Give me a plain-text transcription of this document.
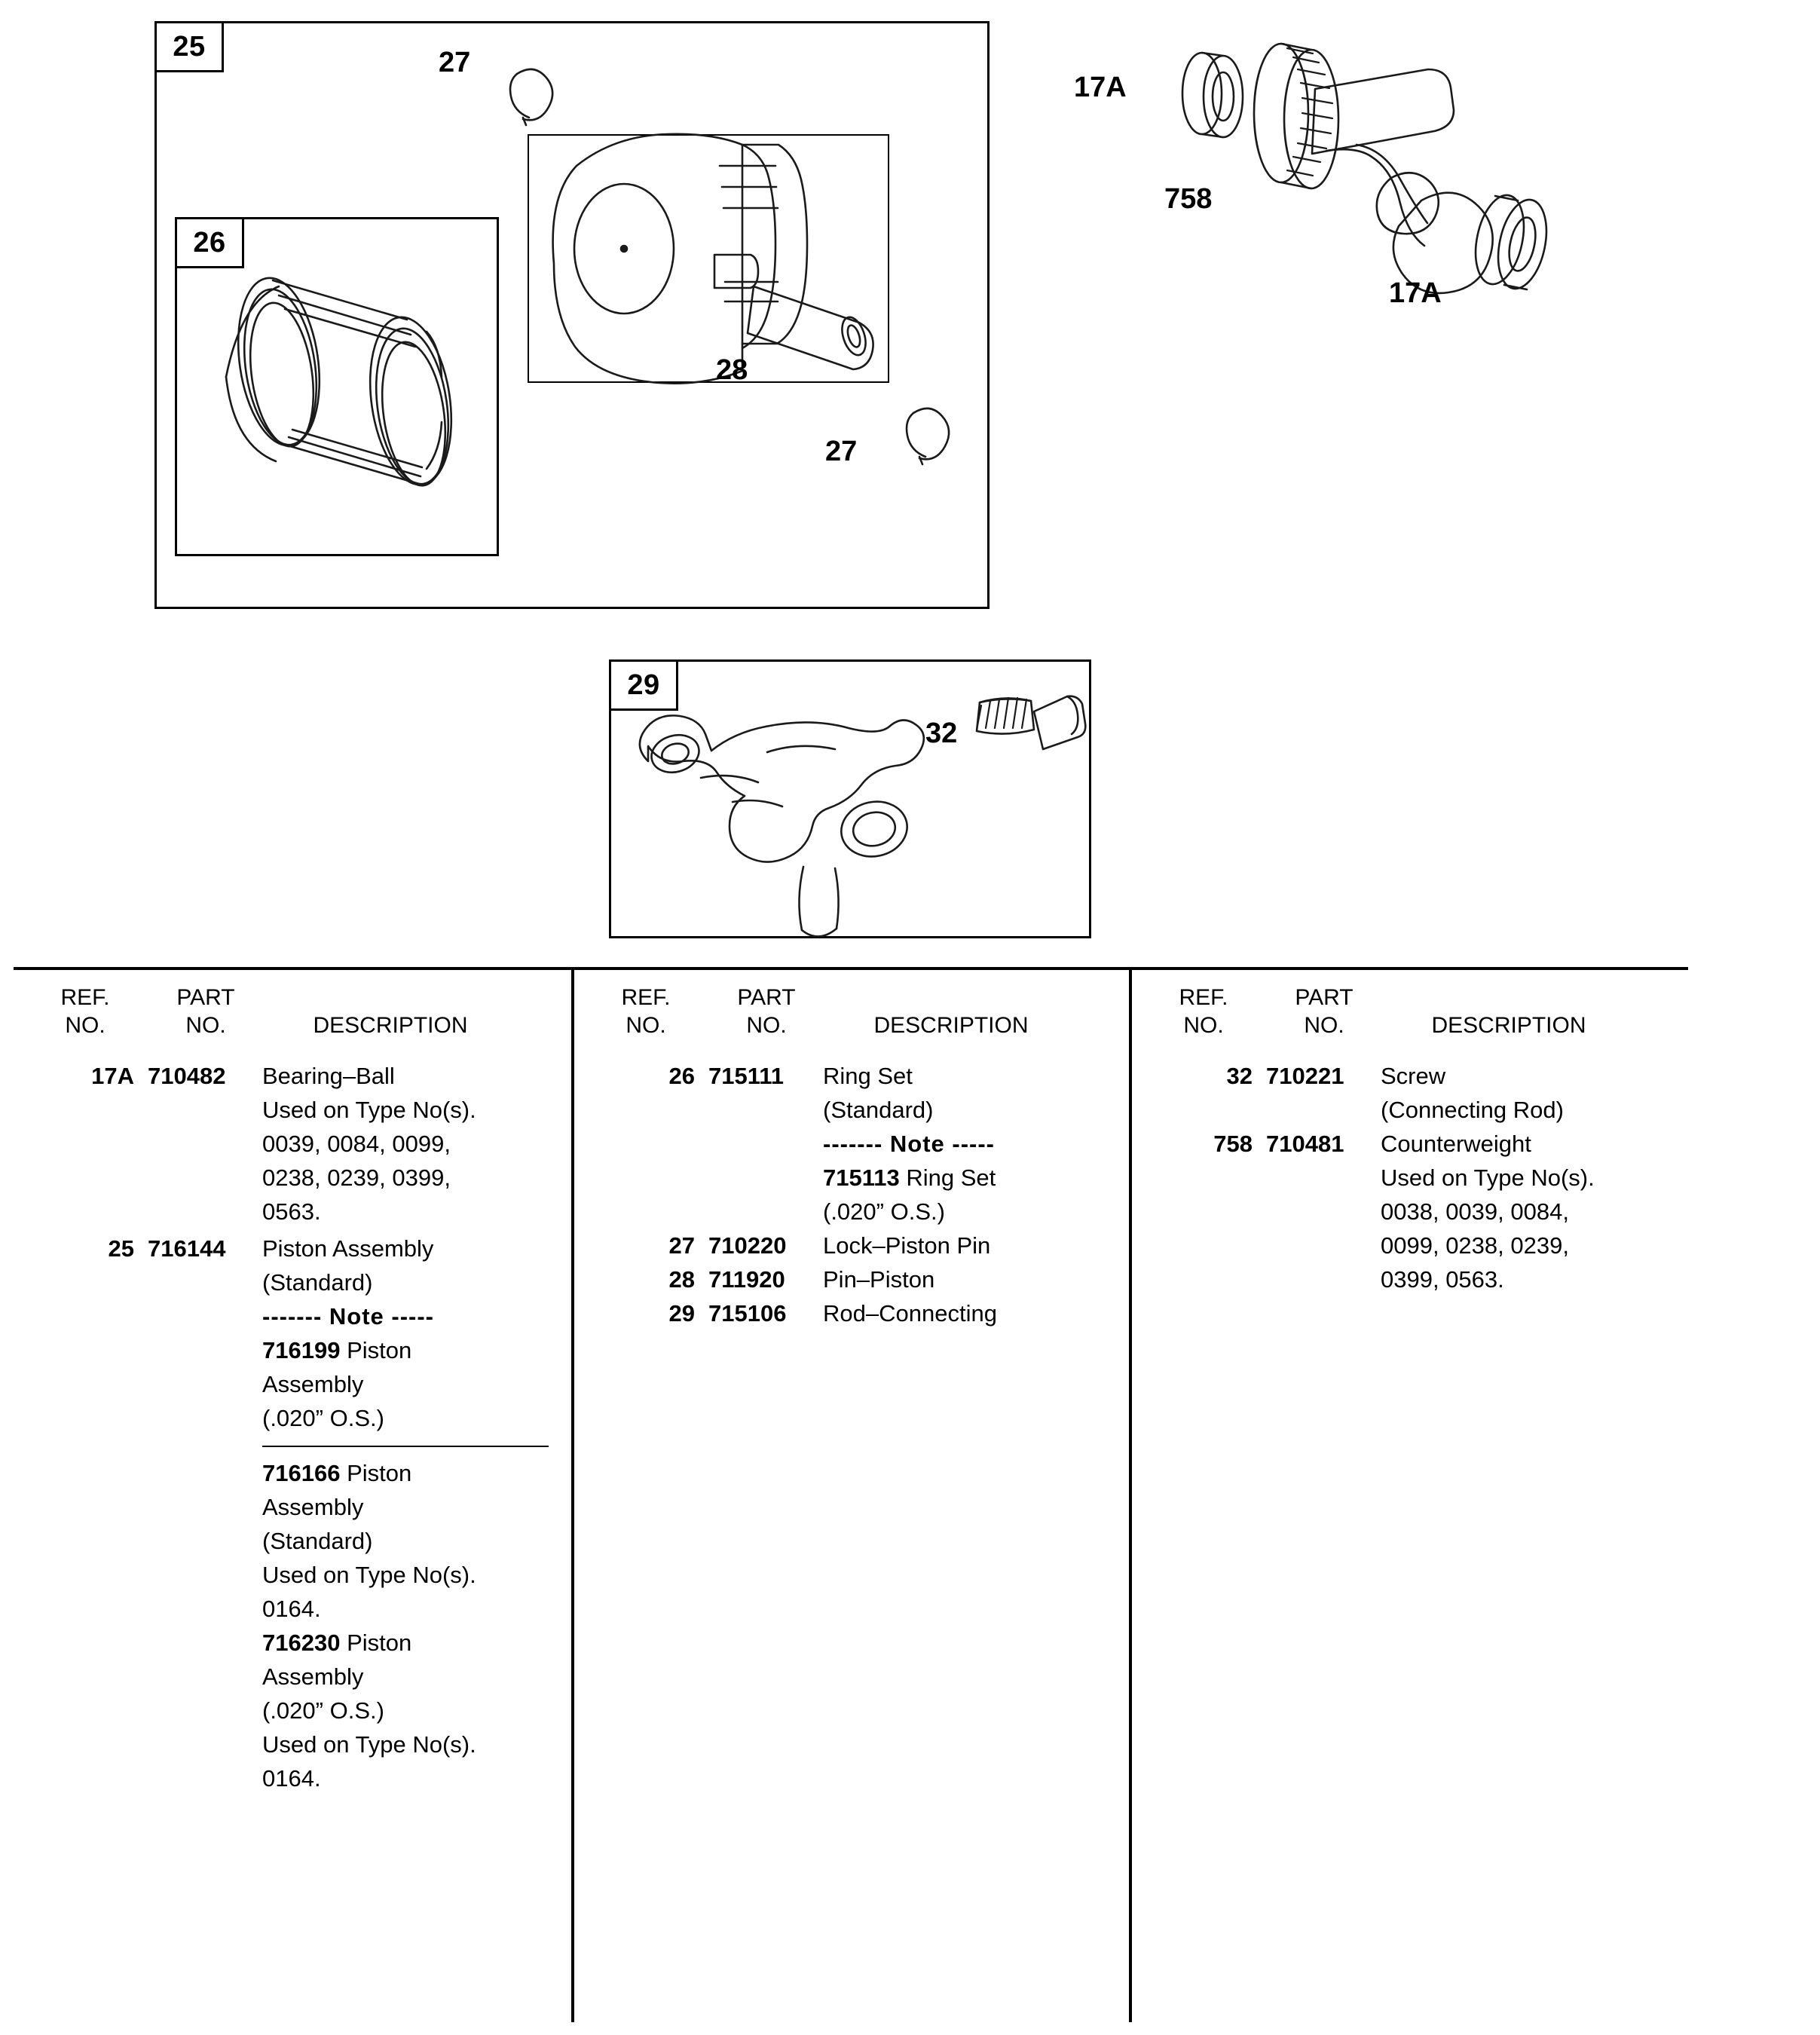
25
26
29
27
28
27
17A
758
17A
32
REF.
NO.
PART
NO.	DESCRIPTION
17A 710482	Bearing–Ball
Used on Type No(s).
0039, 0084, 0099,
0238, 0239, 0399,
0563.
25 716144	Piston Assembly
(Standard)
------- Note -----
716199 Piston
Assembly
(.020” O.S.)
716166 Piston
Assembly
(Standard)
Used on Type No(s).
0164.
716230 Piston
Assembly
(.020” O.S.)
Used on Type No(s).
0164.
REF.
NO.
PART
NO.	DESCRIPTION
26 715111	Ring Set
(Standard)
------- Note -----
715113 Ring Set
(.020” O.S.)
27 710220	Lock–Piston Pin
28 711920	Pin–Piston
29 715106	Rod–Connecting
REF.
NO.
PART
NO.	DESCRIPTION
32 710221	Screw
(Connecting Rod)
758 710481	Counterweight
Used on Type No(s).
0038, 0039, 0084,
0099, 0238, 0239,
0399, 0563.
